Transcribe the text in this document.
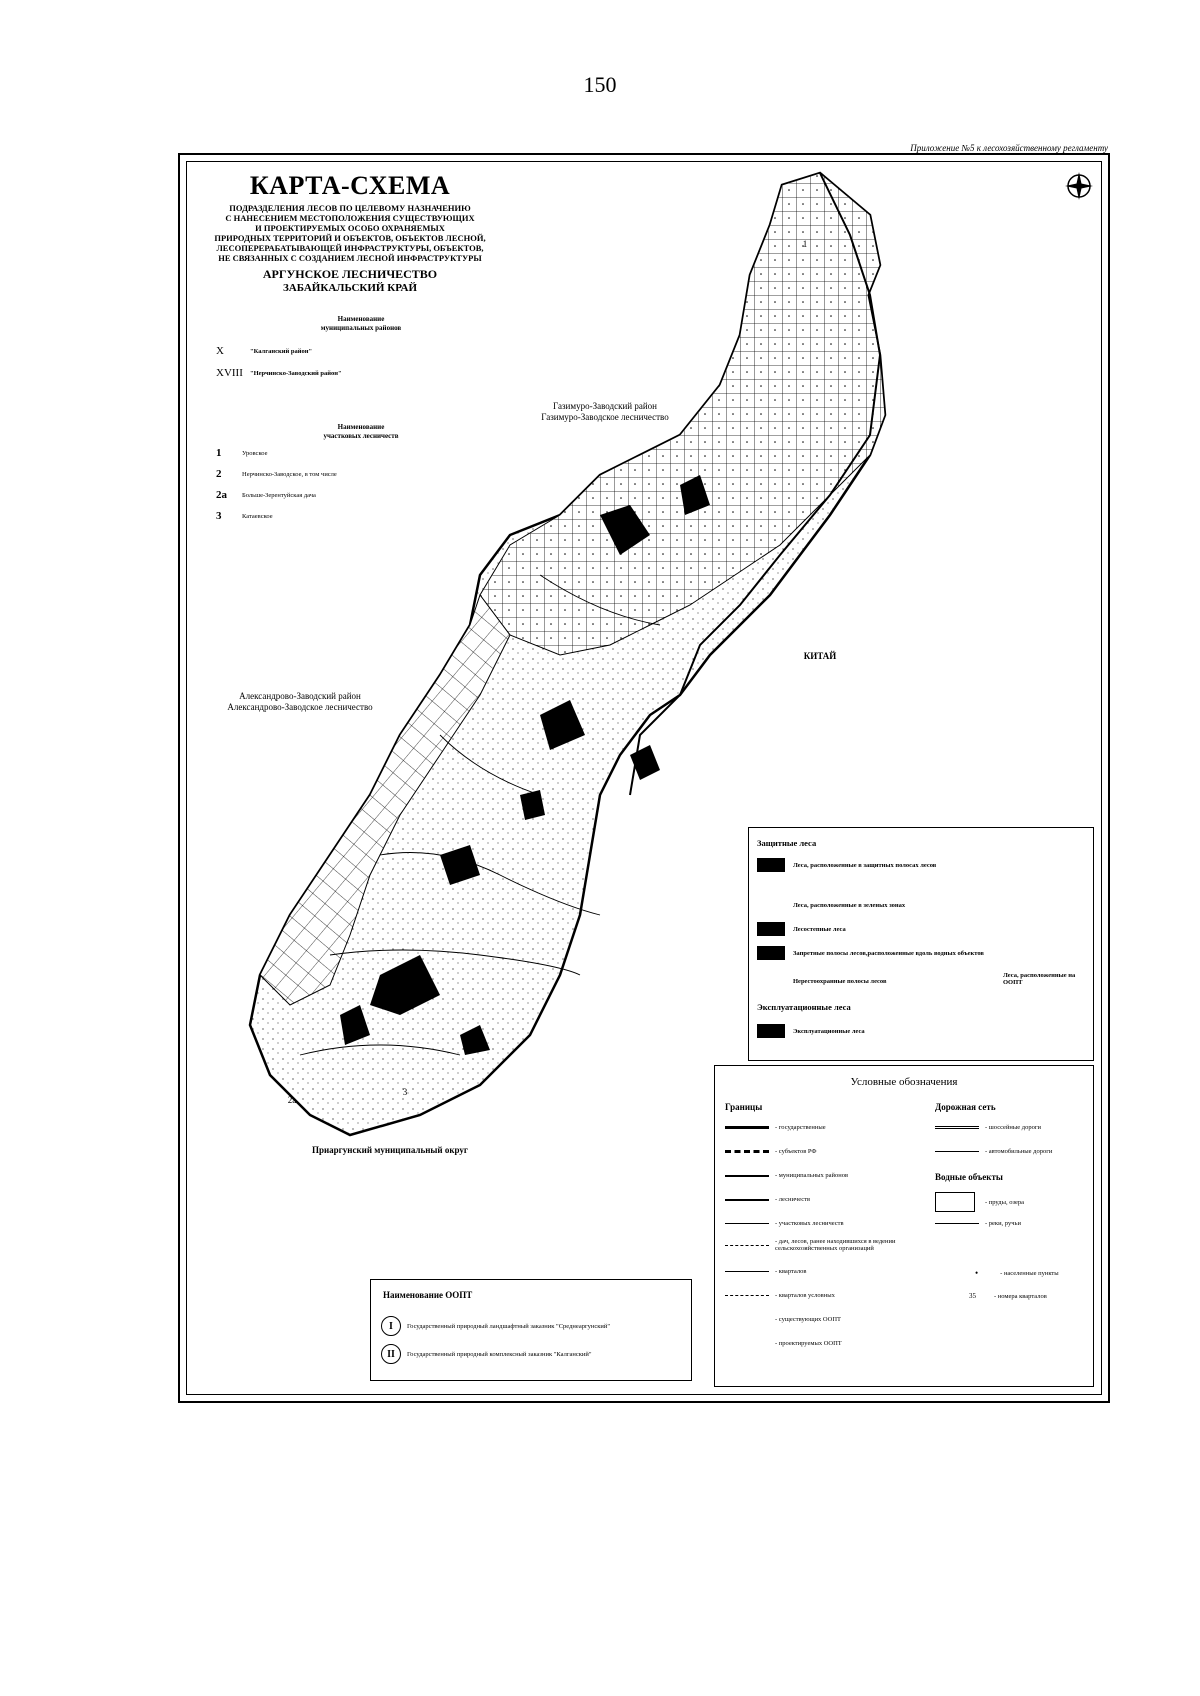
150
Приложение №5 к лесохозяйственному регламенту
КАРТА-СХЕМА
ПОДРАЗДЕЛЕНИЯ ЛЕСОВ ПО ЦЕЛЕВОМУ НАЗНАЧЕНИЮ
С НАНЕСЕНИЕМ МЕСТОПОЛОЖЕНИЯ СУЩЕСТВУЮЩИХ
И ПРОЕКТИРУЕМЫХ ОСОБО ОХРАНЯЕМЫХ
ПРИРОДНЫХ ТЕРРИТОРИЙ И ОБЪЕКТОВ, ОБЪЕКТОВ ЛЕСНОЙ,
ЛЕСОПЕРЕРАБАТЫВАЮЩЕЙ ИНФРАСТРУКТУРЫ, ОБЪЕКТОВ,
НЕ СВЯЗАННЫХ С СОЗДАНИЕМ ЛЕСНОЙ ИНФРАСТРУКТУРЫ
АРГУНСКОЕ ЛЕСНИЧЕСТВО
ЗАБАЙКАЛЬСКИЙ КРАЙ
Наименование
муниципальных районов
X	"Калганский район"
XVIII	"Нерчинско-Заводский район"
Наименование
участковых лесничеств
1	Уровское
2	Нерчинско-Заводское, в том числе
2а	Больше-Зерентуйская дача
3	Катаевское
Газимуро-Заводский район
Газимуро-Заводское лесничество
КИТАЙ
Александрово-Заводский район
Александрово-Заводское лесничество
Приаргунский муниципальный округ
3
1
2а
Защитные леса
Леса, расположенные в защитных полосах лесов
Леса, расположенные в зеленых зонах
Лесостепные леса
Запретные полосы лесов,расположенные вдоль водных объектов
Нерестоохранные полосы лесов
Леса, расположенные на ООПТ
Эксплуатационные леса
Эксплуатационные леса
Условные обозначения
Границы
- государственные
- субъектов РФ
- муниципальных районов
- лесничеств
- участковых лесничеств
- дач, лесов, ранее находившихся в ведении сельскохозяйственных организаций
- кварталов
- кварталов условных
- существующих ООПТ
- проектируемых ООПТ
Дорожная сеть
- шоссейные дороги
- автомобильные дороги
Водные объекты
- пруды, озера
- реки, ручьи
•	- населенные пункты
35	- номера кварталов
Наименование ООПТ
I	Государственный природный ландшафтный заказник "Среднеаргунский"
II	Государственный природный комплексный заказник "Калганский"
